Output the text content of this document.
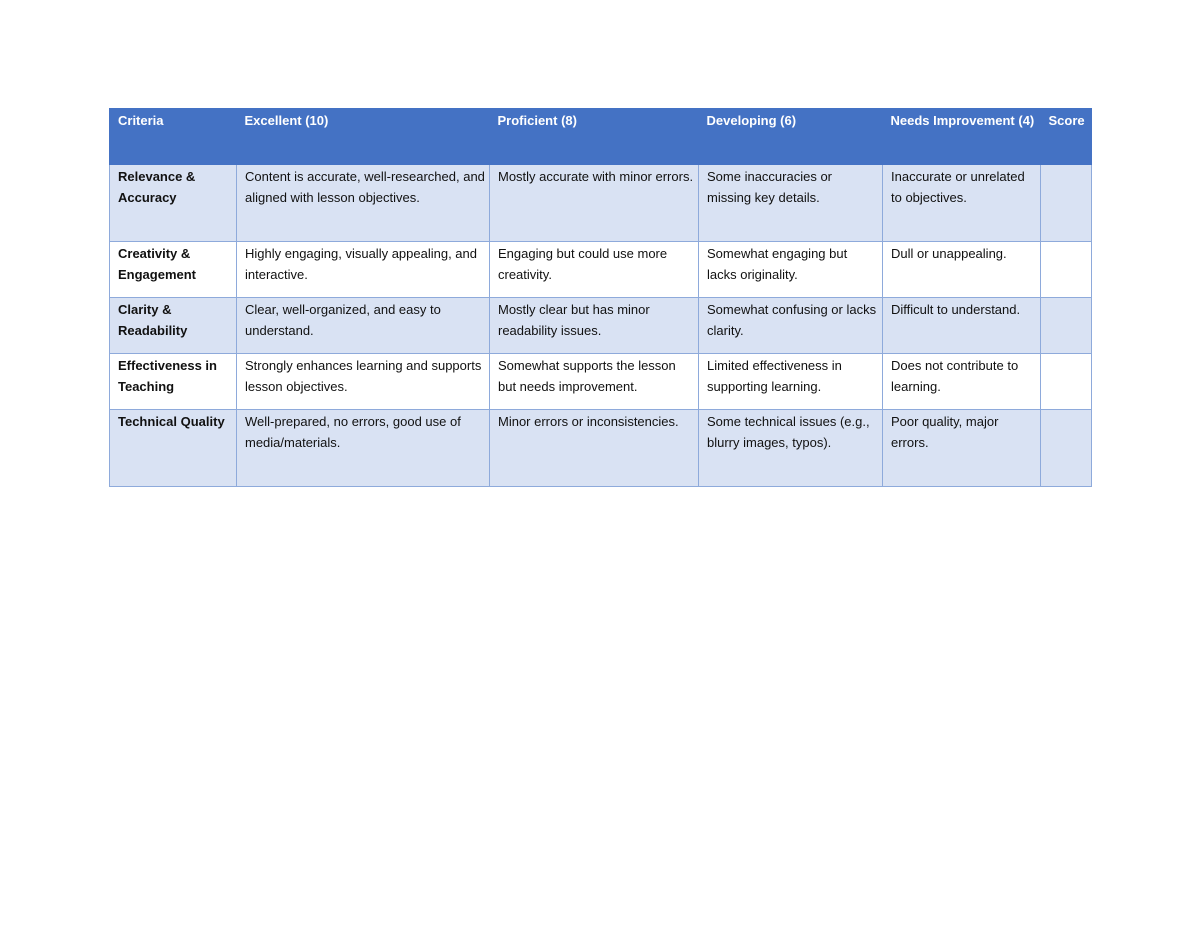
Criteria	Excellent (10)	Proficient (8)	Developing (6)	Needs Improvement (4)	Score
Relevance & Accuracy	Content is accurate, well-researched, and aligned with lesson objectives.	Mostly accurate with minor errors.	Some inaccuracies or missing key details.	Inaccurate or unrelated to objectives.	
Creativity & Engagement	Highly engaging, visually appealing, and interactive.	Engaging but could use more creativity.	Somewhat engaging but lacks originality.	Dull or unappealing.	
Clarity & Readability	Clear, well-organized, and easy to understand.	Mostly clear but has minor readability issues.	Somewhat confusing or lacks clarity.	Difficult to understand.	
Effectiveness in Teaching	Strongly enhances learning and supports lesson objectives.	Somewhat supports the lesson but needs improvement.	Limited effectiveness in supporting learning.	Does not contribute to learning.	
Technical Quality	Well-prepared, no errors, good use of media/materials.	Minor errors or inconsistencies.	Some technical issues (e.g., blurry images, typos).	Poor quality, major errors.	
